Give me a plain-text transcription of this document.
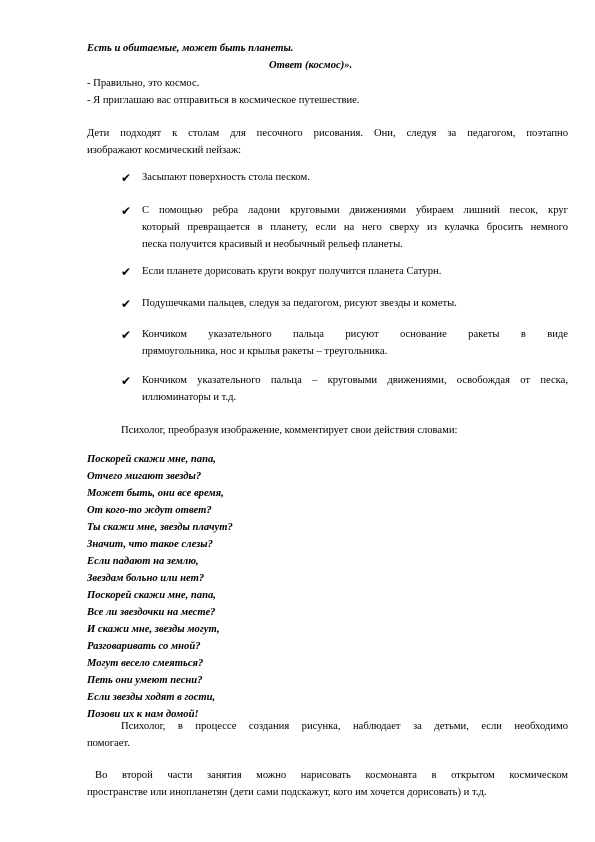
Есть и обитаемые, может быть планеты.
Ответ (космос)».
- Правильно, это космос.
- Я приглашаю вас отправиться в космическое путешествие.
Дети подходят к столам для песочного рисования. Они, следуя за педагогом, поэтапно
изображают космический пейзаж:
✔ Засыпают поверхность стола песком.
✔ С помощью ребра ладони круговыми движениями убираем лишний песок, круг
который превращается в планету, если на него сверху из кулачка бросить немного
песка получится красивый и необычный рельеф планеты.
✔ Если планете дорисовать круги вокруг получится планета Сатурн.
✔ Подушечками пальцев, следуя за педагогом, рисуют звезды и кометы.
✔ Кончиком указательного пальца рисуют основание ракеты в виде
прямоугольника, нос и крылья ракеты – треугольника.
✔ Кончиком указательного пальца – круговыми движениями, освобождая от песка,
иллюминаторы и т.д.
Психолог, преобразуя изображение, комментирует свои действия словами:
Поскорей скажи мне, папа,
Отчего мигают звезды?
Может быть, они все время,
От кого-то ждут ответ?
Ты скажи мне, звезды плачут?
Значит, что такое слезы?
Если падают на землю,
Звездам больно или нет?
Поскорей скажи мне, папа,
Все ли звездочки на месте?
И скажи мне, звезды могут,
Разговаривать со мной?
Могут весело смеяться?
Петь они умеют песни?
Если звезды ходят в гости,
Позови их к нам домой!
Психолог, в процессе создания рисунка, наблюдает за детьми, если необходимо
помогает.
Во второй части занятия можно нарисовать космонавта в открытом космическом
пространстве или инопланетян (дети сами подскажут, кого им хочется дорисовать) и т.д.
